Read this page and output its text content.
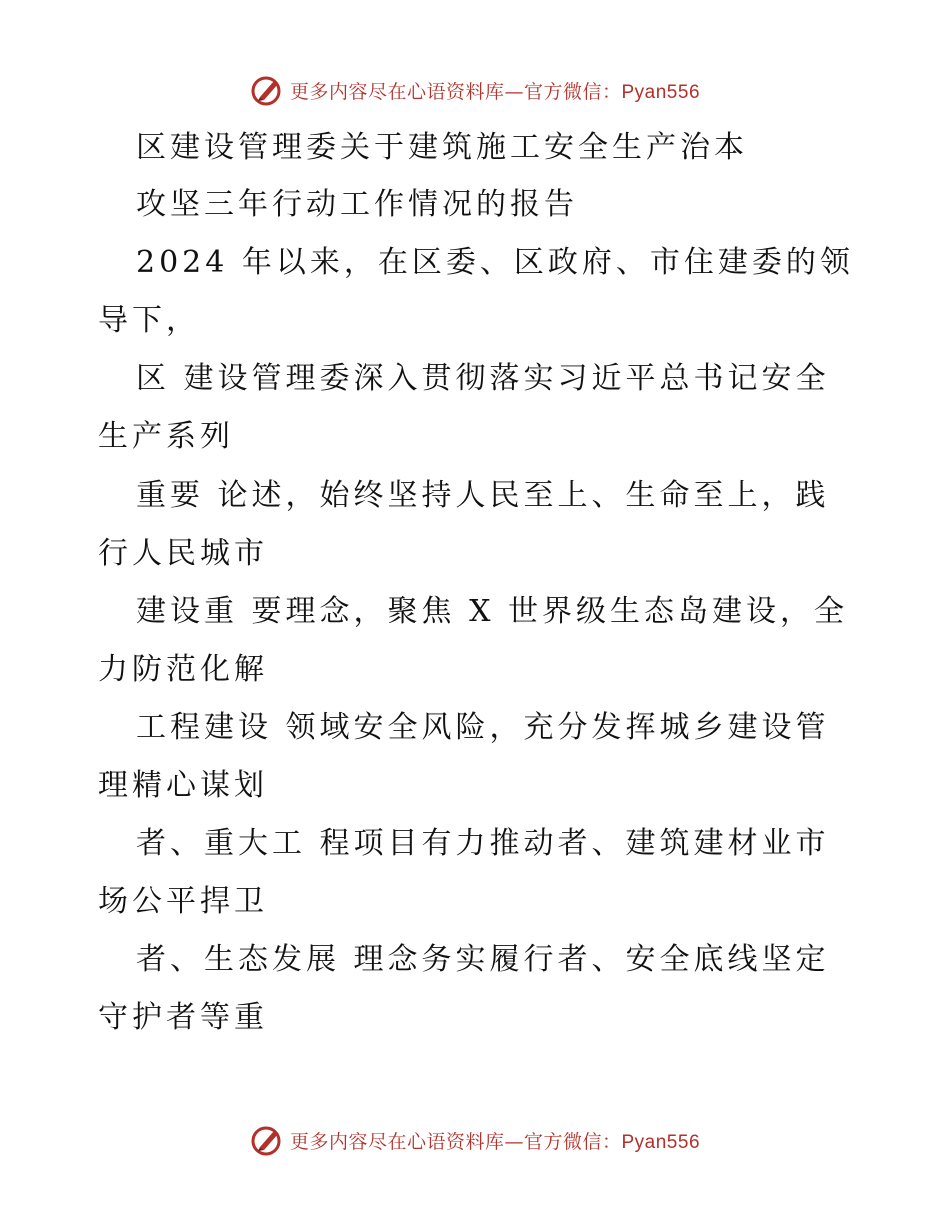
更多内容尽在心语资料库—官方微信：Pyan556
区建设管理委关于建筑施工安全生产治本
攻坚三年行动工作情况的报告
2024 年以来，在区委、区政府、市住建委的领
导下，
区 建设管理委深入贯彻落实习近平总书记安全
生产系列
重要 论述，始终坚持人民至上、生命至上，践
行人民城市
建设重 要理念，聚焦 X 世界级生态岛建设，全
力防范化解
工程建设 领域安全风险，充分发挥城乡建设管
理精心谋划
者、重大工 程项目有力推动者、建筑建材业市
场公平捍卫
者、生态发展 理念务实履行者、安全底线坚定
守护者等重
更多内容尽在心语资料库—官方微信：Pyan556
